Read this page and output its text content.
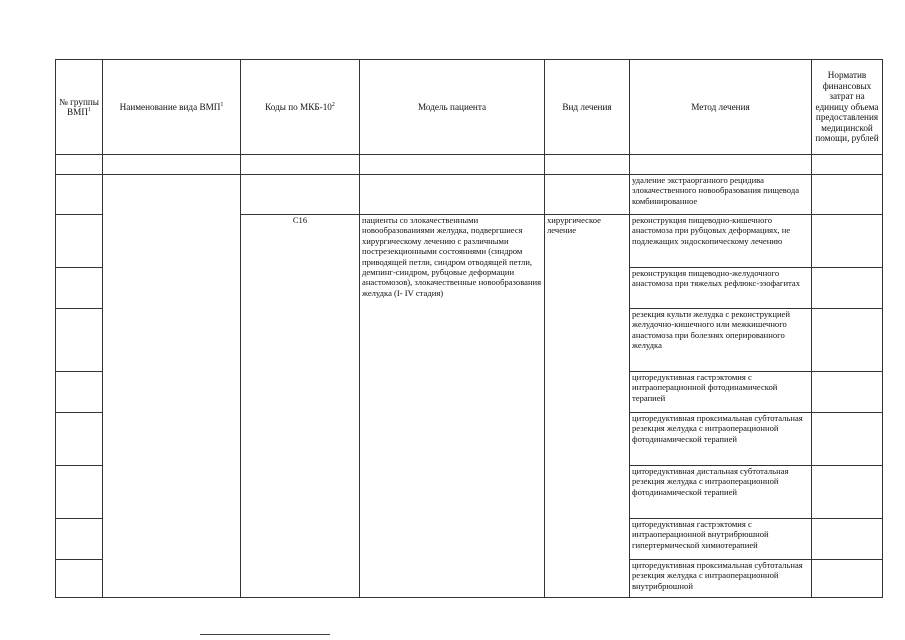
№ группы ВМП$^1$	Наименование вида ВМП$^1$	Коды по МКБ-$10^2$	Модель пациента	Вид лечения	Метод лечения	Норматив финансовых затрат на единицу объема предоставления медицинской помощи, рублей

					удаление экстраорганного рецидива злокачественного новообразования пищевода комбинированное	
		C16	пациенты со злокачественными новообразованиями желудка, подвергшиеся хирургическому лечению с различными пострезекционными состояниями (синдром приводящей петли, синдром отводящей петли, демпинг-синдром, рубцовые деформации анастомозов), злокачественные новообразования желудка (I- IV стадия)	хирургическое лечение	реконструкция пищеводно-кишечного анастомоза при рубцовых деформациях, не подлежащих эндоскопическому лечению	
					реконструкция пищеводно-желудочного анастомоза при тяжелых рефлюкс-эзофагитах	
					резекция культи желудка с реконструкцией желудочно-кишечного или межкишечного анастомоза при болезнях оперированного желудка	
					циторедуктивная гастрэктомия с интраоперационной фотодинамической терапией	
					циторедуктивная проксимальная субтотальная резекция желудка с интраоперационной фотодинамической терапией	
					циторедуктивная дистальная субтотальная резекция желудка с интраоперационной фотодинамической терапией	
					циторедуктивная гастрэктомия с интраоперационной внутрибрюшной гипертермической химиотерапией	
					циторедуктивная проксимальная субтотальная резекция желудка с интраоперационной внутрибрюшной	
